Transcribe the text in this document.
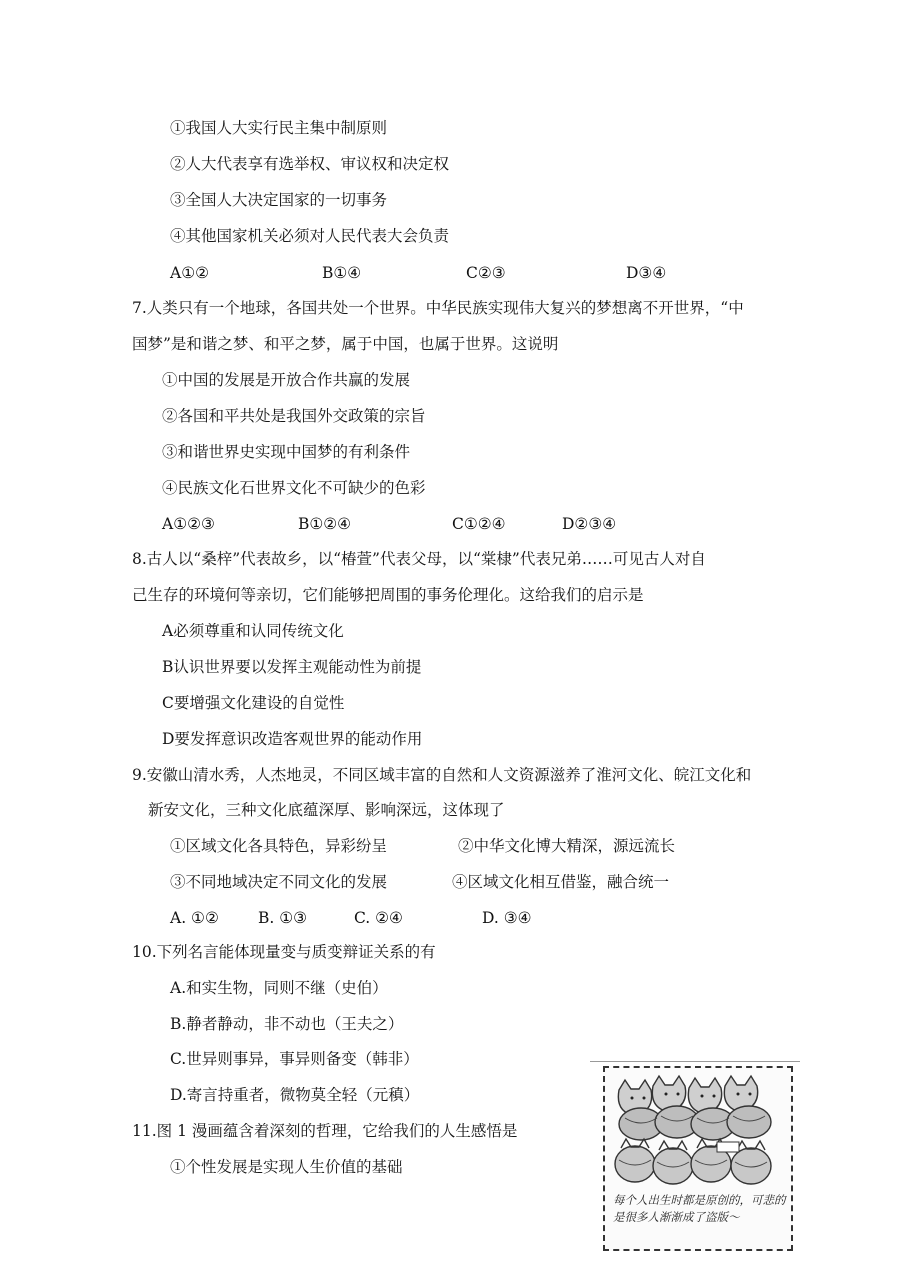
①我国人大实行民主集中制原则
②人大代表享有选举权、审议权和决定权
③全国人大决定国家的一切事务
④其他国家机关必须对人民代表大会负责
A①②	B①④	C②③	D③④
7.人类只有一个地球，各国共处一个世界。中华民族实现伟大复兴的梦想离不开世界，“中
国梦”是和谐之梦、和平之梦，属于中国，也属于世界。这说明
①中国的发展是开放合作共赢的发展
②各国和平共处是我国外交政策的宗旨
③和谐世界史实现中国梦的有利条件
④民族文化石世界文化不可缺少的色彩
A①②③	B①②④	C①②④	D②③④
8.古人以“桑梓”代表故乡，以“椿萱”代表父母，以“棠棣”代表兄弟……可见古人对自
己生存的环境何等亲切，它们能够把周围的事务伦理化。这给我们的启示是
A必须尊重和认同传统文化
B认识世界要以发挥主观能动性为前提
C要增强文化建设的自觉性
D要发挥意识改造客观世界的能动作用
9.安徽山清水秀，人杰地灵，不同区域丰富的自然和人文资源滋养了淮河文化、皖江文化和
新安文化，三种文化底蕴深厚、影响深远，这体现了
①区域文化各具特色，异彩纷呈	②中华文化博大精深，源远流长
③不同地域决定不同文化的发展	④区域文化相互借鉴，融合统一
A. ①②	B. ①③	C. ②④	D. ③④
10.下列名言能体现量变与质变辩证关系的有
A.和实生物，同则不继（史伯）
B.静者静动，非不动也（王夫之）
C.世异则事异，事异则备变（韩非）
D.寄言持重者，微物莫全轻（元稹）
11.图 1 漫画蕴含着深刻的哲理，它给我们的人生感悟是
①个性发展是实现人生价值的基础
每个人出生时都是原创的，可悲的是很多人渐渐成了盗版～
